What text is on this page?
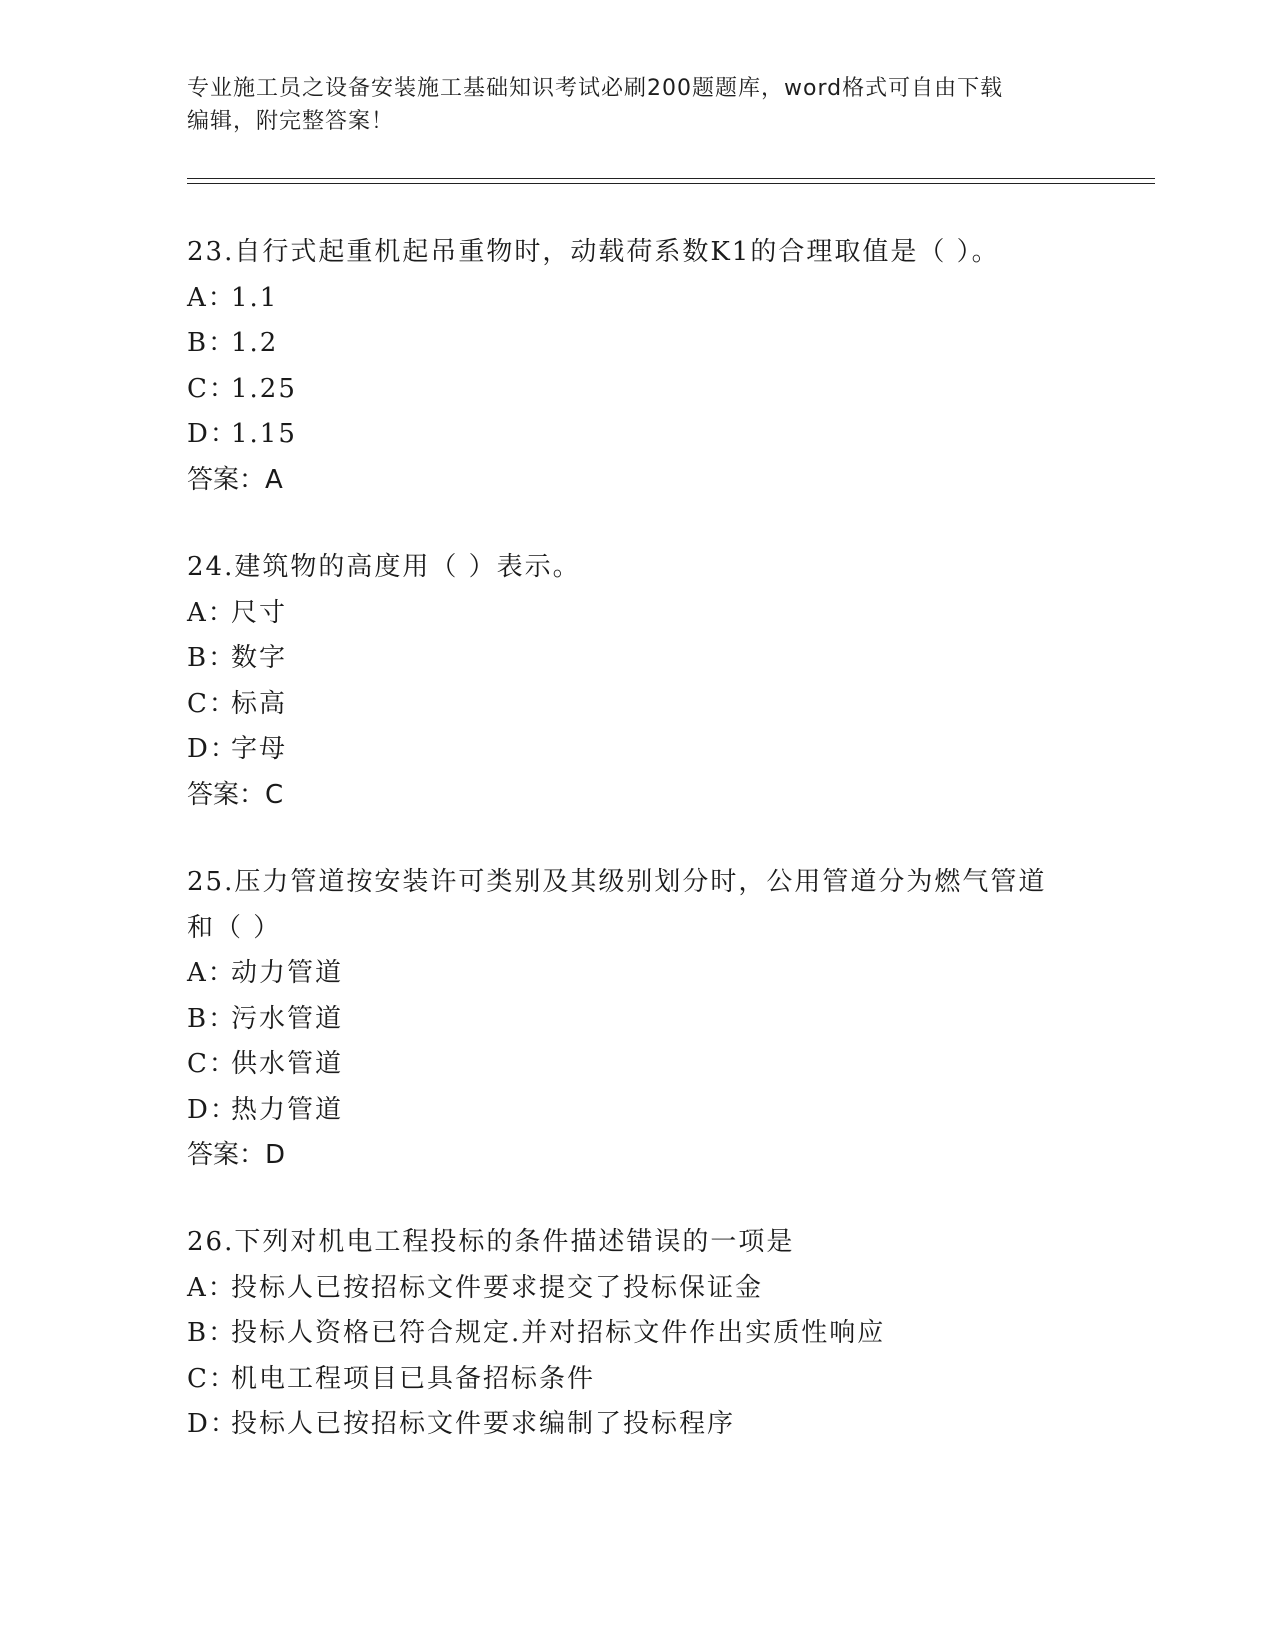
专业施工员之设备安装施工基础知识考试必刷200题题库，word格式可自由下载
编辑，附完整答案！
23.自行式起重机起吊重物时，动载荷系数K1的合理取值是（ ）。
A：1.1
B：1.2
C：1.25
D：1.15
答案：A
24.建筑物的高度用（ ）表示。
A：尺寸
B：数字
C：标高
D：字母
答案：C
25.压力管道按安装许可类别及其级别划分时，公用管道分为燃气管道
和（ ）
A：动力管道
B：污水管道
C：供水管道
D：热力管道
答案：D
26.下列对机电工程投标的条件描述错误的一项是
A：投标人已按招标文件要求提交了投标保证金
B：投标人资格已符合规定.并对招标文件作出实质性响应
C：机电工程项目已具备招标条件
D：投标人已按招标文件要求编制了投标程序
